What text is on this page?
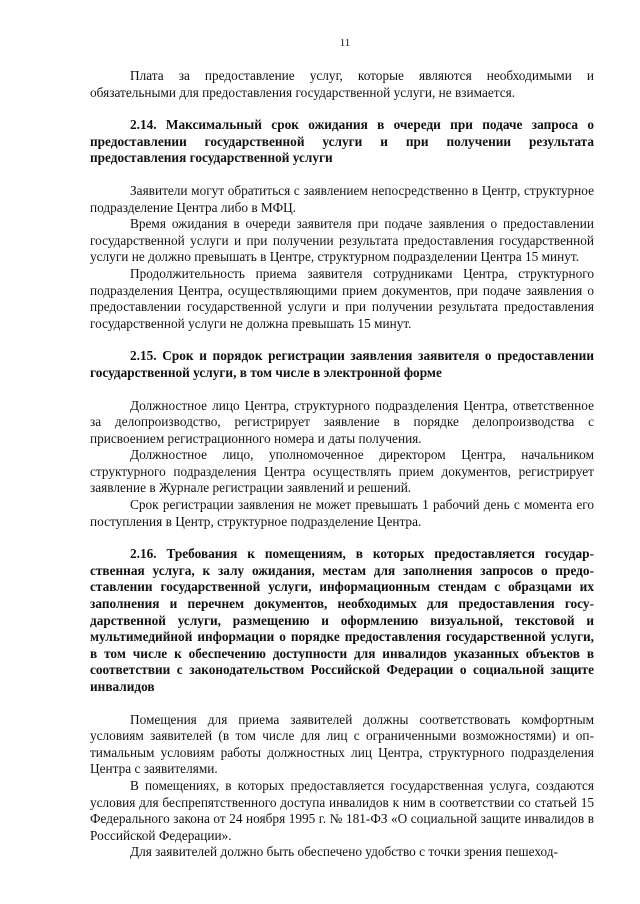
11

Плата за предоставление услуг, которые являются необходимыми и обязательными для предоставления государственной услуги, не взимается.

2.14. Максимальный срок ожидания в очереди при подаче запроса о предоставлении государственной услуги и при получении результата предоставления государственной услуги

Заявители могут обратиться с заявлением непосредственно в Центр, структурное подразделение Центра либо в МФЦ.

Время ожидания в очереди заявителя при подаче заявления о предоставлении государственной услуги и при получении результата предоставления государственной услуги не должно превышать в Центре, структурном подразделении Центра 15 минут.

Продолжительность приема заявителя сотрудниками Центра, структурного подразделения Центра, осуществляющими прием документов, при подаче заявления о предоставлении государственной услуги и при получении результата предоставления государственной услуги не должна превышать 15 минут.

2.15. Срок и порядок регистрации заявления заявителя о предоставлении государственной услуги, в том числе в электронной форме

Должностное лицо Центра, структурного подразделения Центра, ответственное за делопроизводство, регистрирует заявление в порядке делопроизводства с присвоением регистрационного номера и даты получения.

Должностное лицо, уполномоченное директором Центра, начальником структурного подразделения Центра осуществлять прием документов, регистрирует заявление в Журнале регистрации заявлений и решений.

Срок регистрации заявления не может превышать 1 рабочий день с момента его поступления в Центр, структурное подразделение Центра.

2.16. Требования к помещениям, в которых предоставляется государственная услуга, к залу ожидания, местам для заполнения запросов о предоставлении государственной услуги, информационным стендам с образцами их заполнения и перечнем документов, необходимых для предоставления государственной услуги, размещению и оформлению визуальной, текстовой и мультимедийной информации о порядке предоставления государственной услуги, в том числе к обеспечению доступности для инвалидов указанных объектов в соответствии с законодательством Российской Федерации о социальной защите инвалидов

Помещения для приема заявителей должны соответствовать комфортным условиям заявителей (в том числе для лиц с ограниченными возможностями) и оптимальным условиям работы должностных лиц Центра, структурного подразделения Центра с заявителями.

В помещениях, в которых предоставляется государственная услуга, создаются условия для беспрепятственного доступа инвалидов к ним в соответствии со статьей 15 Федерального закона от 24 ноября 1995 г. № 181-ФЗ «О социальной защите инвалидов в Российской Федерации».

Для заявителей должно быть обеспечено удобство с точки зрения пешеход-
